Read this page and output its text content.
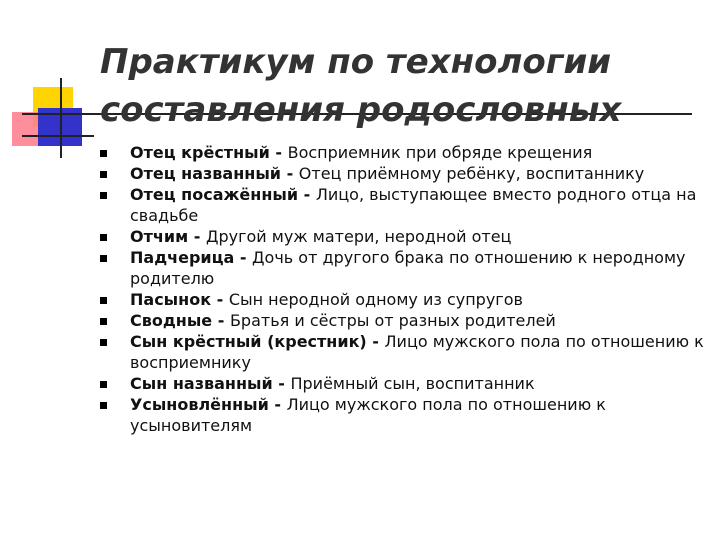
Практикум по технологии
составления родословных
Отец крёстный - Восприемник при обряде крещения
Отец названный - Отец приёмному ребёнку, воспитаннику
Отец посажённый - Лицо, выступающее вместо родного отца на свадьбе
Отчим - Другой муж матери, неродной отец
Падчерица - Дочь от другого брака по отношению к неродному родителю
Пасынок - Сын неродной одному из супругов
Сводные - Братья и сёстры от разных родителей
Сын крёстный (крестник) - Лицо мужского пола по отношению к восприемнику
Сын названный - Приёмный сын, воспитанник
Усыновлённый - Лицо мужского пола по отношению к усыновителям
